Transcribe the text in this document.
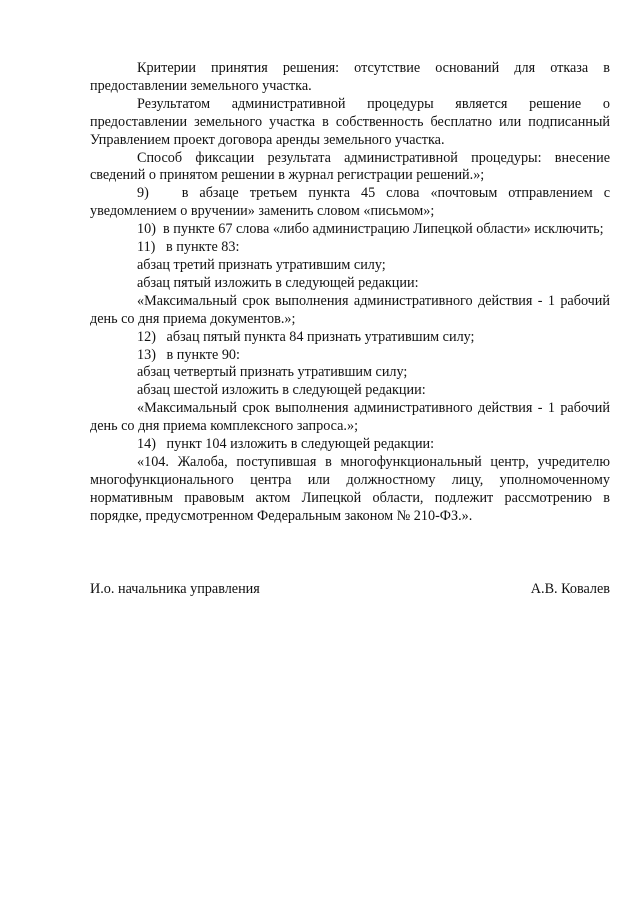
Критерии принятия решения: отсутствие оснований для отказа в предоставлении земельного участка.

Результатом административной процедуры является решение о предоставлении земельного участка в собственность бесплатно или подписанный Управлением проект договора аренды земельного участка.

Способ фиксации результата административной процедуры: внесение сведений о принятом решении в журнал регистрации решений.»;

9)   в абзаце третьем пункта 45 слова «почтовым отправлением с уведомлением о вручении» заменить словом «письмом»;

10)  в пункте 67 слова «либо администрацию Липецкой области» исключить;

11)   в пункте 83:

абзац третий признать утратившим силу;

абзац пятый изложить в следующей редакции:

«Максимальный срок выполнения административного действия - 1 рабочий день со дня приема документов.»;

12)   абзац пятый пункта 84 признать утратившим силу;

13)   в пункте 90:

абзац четвертый признать утратившим силу;

абзац шестой изложить в следующей редакции:

«Максимальный срок выполнения административного действия - 1 рабочий день со дня приема комплексного запроса.»;

14)   пункт 104 изложить в следующей редакции:

«104. Жалоба, поступившая в многофункциональный центр, учредителю многофункционального центра или должностному лицу, уполномоченному нормативным правовым актом Липецкой области, подлежит рассмотрению в порядке, предусмотренном Федеральным законом № 210-ФЗ.».

И.о. начальника управления	А.В. Ковалев
